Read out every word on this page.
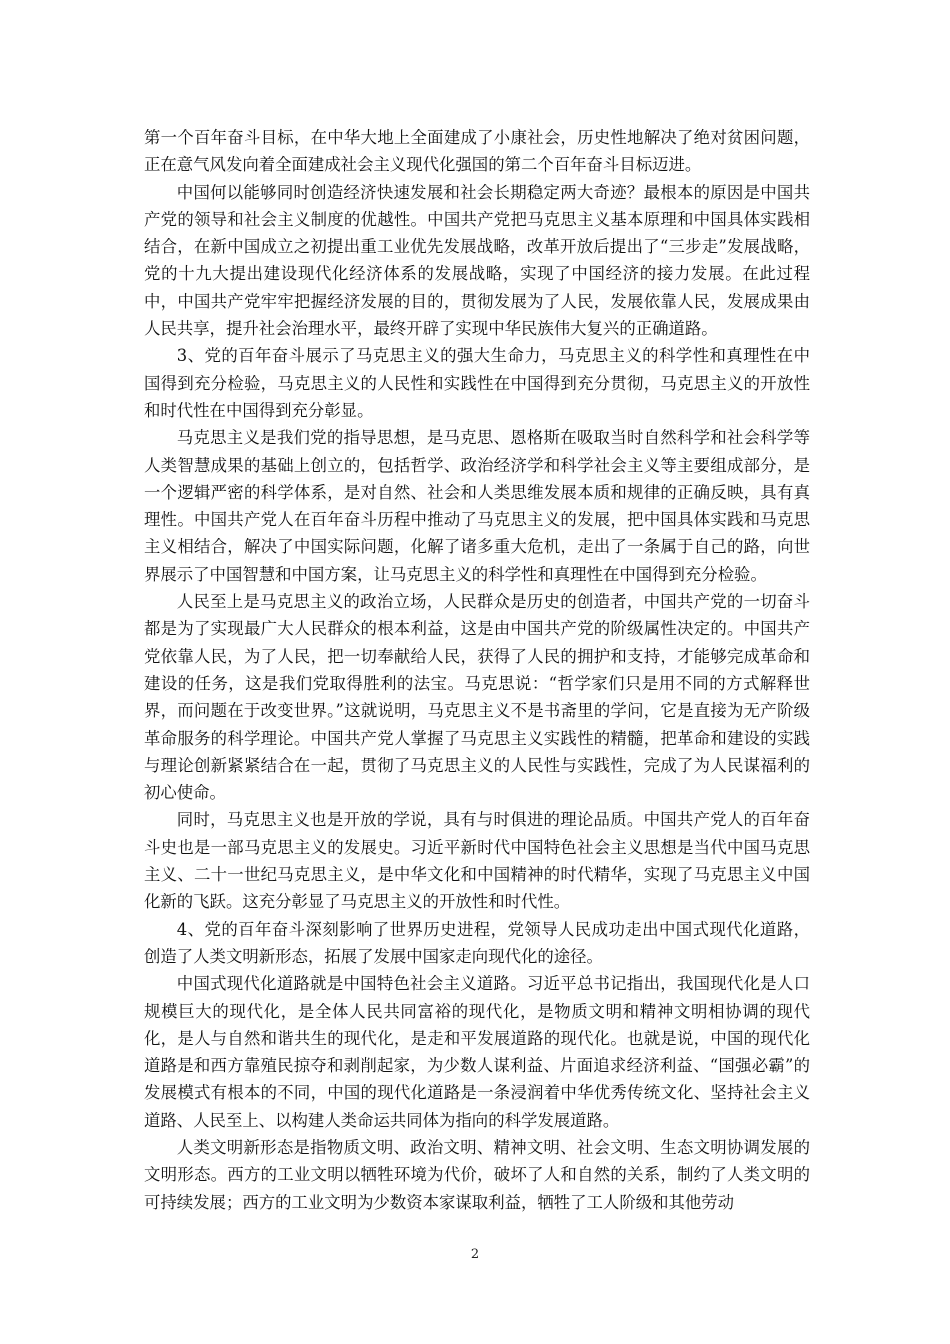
第一个百年奋斗目标，在中华大地上全面建成了小康社会，历史性地解决了绝对贫困问题，正在意气风发向着全面建成社会主义现代化强国的第二个百年奋斗目标迈进。

中国何以能够同时创造经济快速发展和社会长期稳定两大奇迹？最根本的原因是中国共产党的领导和社会主义制度的优越性。中国共产党把马克思主义基本原理和中国具体实践相结合，在新中国成立之初提出重工业优先发展战略，改革开放后提出了“三步走”发展战略，党的十九大提出建设现代化经济体系的发展战略，实现了中国经济的接力发展。在此过程中，中国共产党牢牢把握经济发展的目的，贯彻发展为了人民，发展依靠人民，发展成果由人民共享，提升社会治理水平，最终开辟了实现中华民族伟大复兴的正确道路。

3、党的百年奋斗展示了马克思主义的强大生命力，马克思主义的科学性和真理性在中国得到充分检验，马克思主义的人民性和实践性在中国得到充分贯彻，马克思主义的开放性和时代性在中国得到充分彰显。

马克思主义是我们党的指导思想，是马克思、恩格斯在吸取当时自然科学和社会科学等人类智慧成果的基础上创立的，包括哲学、政治经济学和科学社会主义等主要组成部分，是一个逻辑严密的科学体系，是对自然、社会和人类思维发展本质和规律的正确反映，具有真理性。中国共产党人在百年奋斗历程中推动了马克思主义的发展，把中国具体实践和马克思主义相结合，解决了中国实际问题，化解了诸多重大危机，走出了一条属于自己的路，向世界展示了中国智慧和中国方案，让马克思主义的科学性和真理性在中国得到充分检验。

人民至上是马克思主义的政治立场，人民群众是历史的创造者，中国共产党的一切奋斗都是为了实现最广大人民群众的根本利益，这是由中国共产党的阶级属性决定的。中国共产党依靠人民，为了人民，把一切奉献给人民，获得了人民的拥护和支持，才能够完成革命和建设的任务，这是我们党取得胜利的法宝。马克思说：“哲学家们只是用不同的方式解释世界，而问题在于改变世界。”这就说明，马克思主义不是书斋里的学问，它是直接为无产阶级革命服务的科学理论。中国共产党人掌握了马克思主义实践性的精髓，把革命和建设的实践与理论创新紧紧结合在一起，贯彻了马克思主义的人民性与实践性，完成了为人民谋福利的初心使命。

同时，马克思主义也是开放的学说，具有与时俱进的理论品质。中国共产党人的百年奋斗史也是一部马克思主义的发展史。习近平新时代中国特色社会主义思想是当代中国马克思主义、二十一世纪马克思主义，是中华文化和中国精神的时代精华，实现了马克思主义中国化新的飞跃。这充分彰显了马克思主义的开放性和时代性。

4、党的百年奋斗深刻影响了世界历史进程，党领导人民成功走出中国式现代化道路，创造了人类文明新形态，拓展了发展中国家走向现代化的途径。

中国式现代化道路就是中国特色社会主义道路。习近平总书记指出，我国现代化是人口规模巨大的现代化，是全体人民共同富裕的现代化，是物质文明和精神文明相协调的现代化，是人与自然和谐共生的现代化，是走和平发展道路的现代化。也就是说，中国的现代化道路是和西方靠殖民掠夺和剥削起家，为少数人谋利益、片面追求经济利益、“国强必霸”的发展模式有根本的不同，中国的现代化道路是一条浸润着中华优秀传统文化、坚持社会主义道路、人民至上、以构建人类命运共同体为指向的科学发展道路。

人类文明新形态是指物质文明、政治文明、精神文明、社会文明、生态文明协调发展的文明形态。西方的工业文明以牺牲环境为代价，破坏了人和自然的关系，制约了人类文明的可持续发展；西方的工业文明为少数资本家谋取利益，牺牲了工人阶级和其他劳动

2
